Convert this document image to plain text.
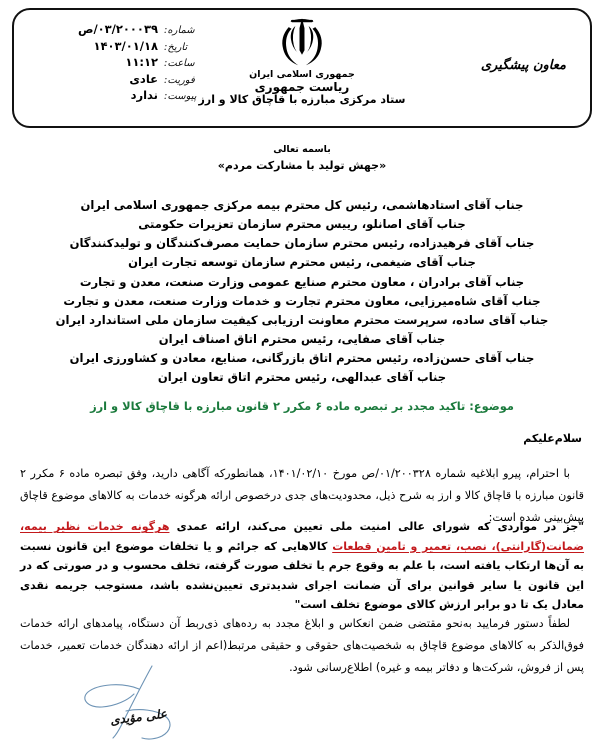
شماره:
۰۳/۲۰۰۰۳۹/ص
تاریخ:
۱۴۰۳/۰۱/۱۸
ساعت:
۱۱:۱۲
فوریت:
عادی
پیوست:
ندارد
جمهوری اسلامی ایران
ریاست جمهوری
ستاد مرکزی مبارزه با قاچاق کالا و ارز
معاون پیشگیری
باسمه تعالی
«جهش تولید با مشارکت مردم»
جناب آقای استادهاشمی، رئیس کل محترم بیمه مرکزی جمهوری اسلامی ایران
جناب آقای اصانلو، ریيس محترم سازمان تعزیرات حکومتی
جناب آقای فرهیدزاده، رئیس محترم سازمان حمایت مصرف‌کنندگان و تولیدکنندگان
جناب آقای ضیغمی، رئیس محترم سازمان توسعه تجارت ایران
جناب آقای برادران ، معاون محترم صنایع عمومی وزارت صنعت، معدن و تجارت
جناب آقای شاه‌میرزایی، معاون محترم تجارت و خدمات وزارت صنعت، معدن و تجارت
جناب آقای ساده، سرپرست محترم معاونت ارزیابی کیفیت سازمان ملی استاندارد ایران
جناب آقای صفایی، رئیس محترم اتاق اصناف ایران
جناب آقای حسن‌زاده، رئیس محترم اتاق بازرگانی، صنایع، معادن و کشاورزی ایران
جناب آقای عبدالهی، رئیس محترم اتاق تعاون ایران
موضوع: تاکید مجدد بر تبصره ماده ۶ مکرر ۲ قانون مبارزه با قاچاق کالا و ارز
سلام‌علیکم

با احترام، پیرو ابلاغیه شماره ۰۱/۲۰۰۳۲۸/ص مورخ ۱۴۰۱/۰۲/۱۰، همانطورکه آگاهی دارید، وفق تبصره ماده ۶ مکرر ۲ قانون مبارزه با قاچاق کالا و ارز به شرح ذیل، محدودیت‌های جدی درخصوص ارائه هرگونه خدمات به کالاهای موضوع قاچاق پیش‌بینی شده است:

"جز در مواردی که شورای عالی امنیت ملی تعیین می‌کند، ارائه عمدی هرگونه خدمات نظیر بیمه، ضمانت(گارانتی)، نصب، تعمیر و تامین قطعات کالاهایی که جرائم و یا تخلفات موضوع این قانون نسبت به آن‌ها ارتکاب یافته است، با علم به وقوع جرم یا تخلف صورت گرفته، تخلف محسوب و در صورتی که در این قانون یا سایر قوانین برای آن ضمانت اجرای شدیدتری تعیین‌نشده باشد، مستوجب جریمه نقدی معادل یک تا دو برابر ارزش کالای موضوع تخلف است"

لطفاً دستور فرمایید به‌نحو مقتضی ضمن انعکاس و ابلاغ مجدد به رده‌های ذی‌ربط آن دستگاه، پیامدهای ارائه خدمات فوق‌الذکر به کالاهای موضوع قاچاق به شخصیت‌های حقوقی و حقیقی مرتبط(اعم از ارائه دهندگان خدمات تعمیر، خدمات پس از فروش، شرکت‌ها و دفاتر بیمه و غیره) اطلاع‌رسانی شود.

علی مؤیدی
